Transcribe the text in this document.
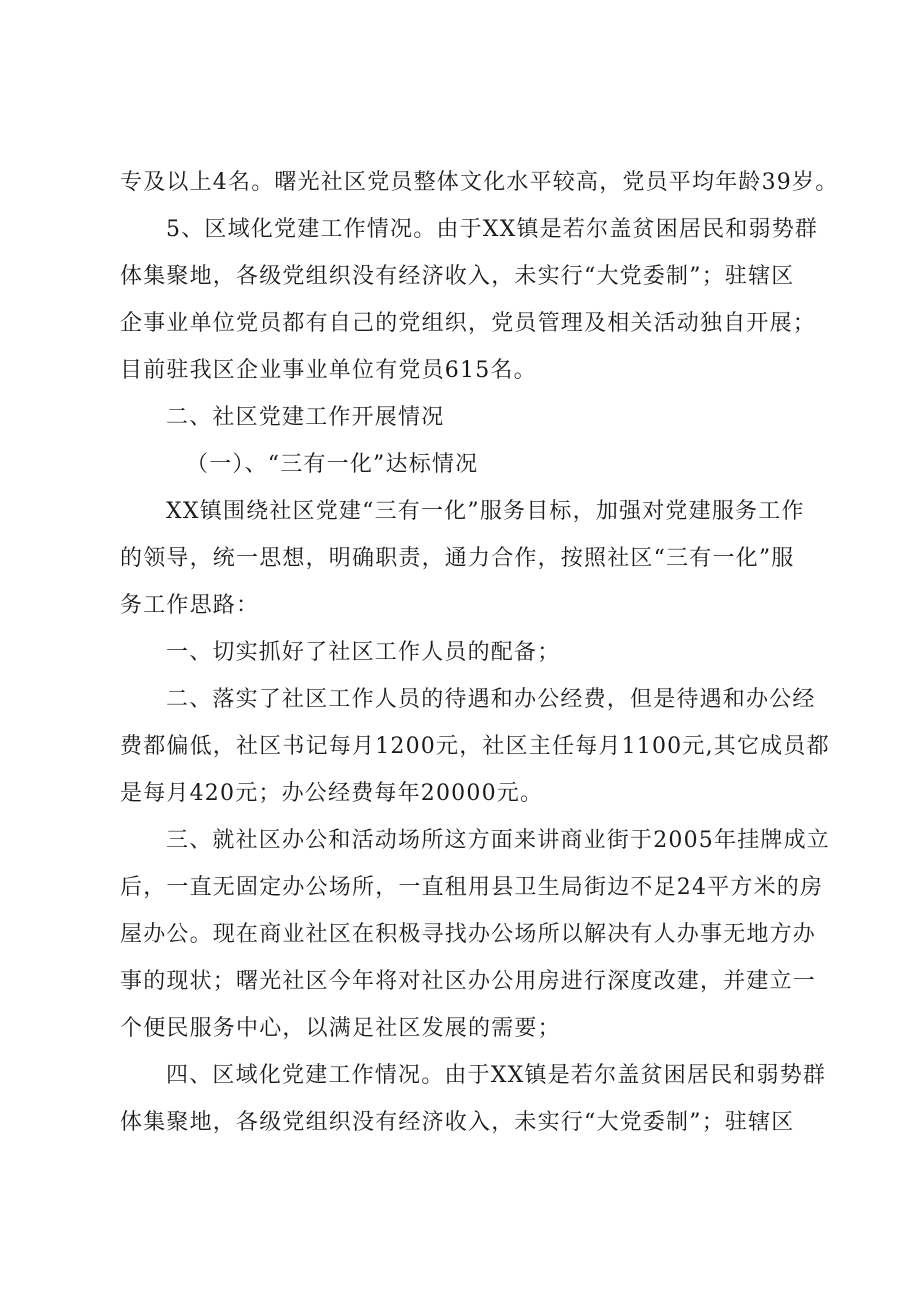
专及以上4名。曙光社区党员整体文化水平较高，党员平均年龄39岁。
5、区域化党建工作情况。由于XX镇是若尔盖贫困居民和弱势群
体集聚地，各级党组织没有经济收入，未实行“大党委制”；驻辖区
企事业单位党员都有自己的党组织，党员管理及相关活动独自开展；
目前驻我区企业事业单位有党员615名。
二、社区党建工作开展情况
（一）、“三有一化”达标情况
XX镇围绕社区党建“三有一化”服务目标，加强对党建服务工作
的领导，统一思想，明确职责，通力合作，按照社区“三有一化”服
务工作思路：
一、切实抓好了社区工作人员的配备；
二、落实了社区工作人员的待遇和办公经费，但是待遇和办公经
费都偏低，社区书记每月1200元，社区主任每月1100元,其它成员都
是每月420元；办公经费每年20000元。
三、就社区办公和活动场所这方面来讲商业街于2005年挂牌成立
后，一直无固定办公场所，一直租用县卫生局街边不足24平方米的房
屋办公。现在商业社区在积极寻找办公场所以解决有人办事无地方办
事的现状；曙光社区今年将对社区办公用房进行深度改建，并建立一
个便民服务中心，以满足社区发展的需要；
四、区域化党建工作情况。由于XX镇是若尔盖贫困居民和弱势群
体集聚地，各级党组织没有经济收入，未实行“大党委制”；驻辖区
